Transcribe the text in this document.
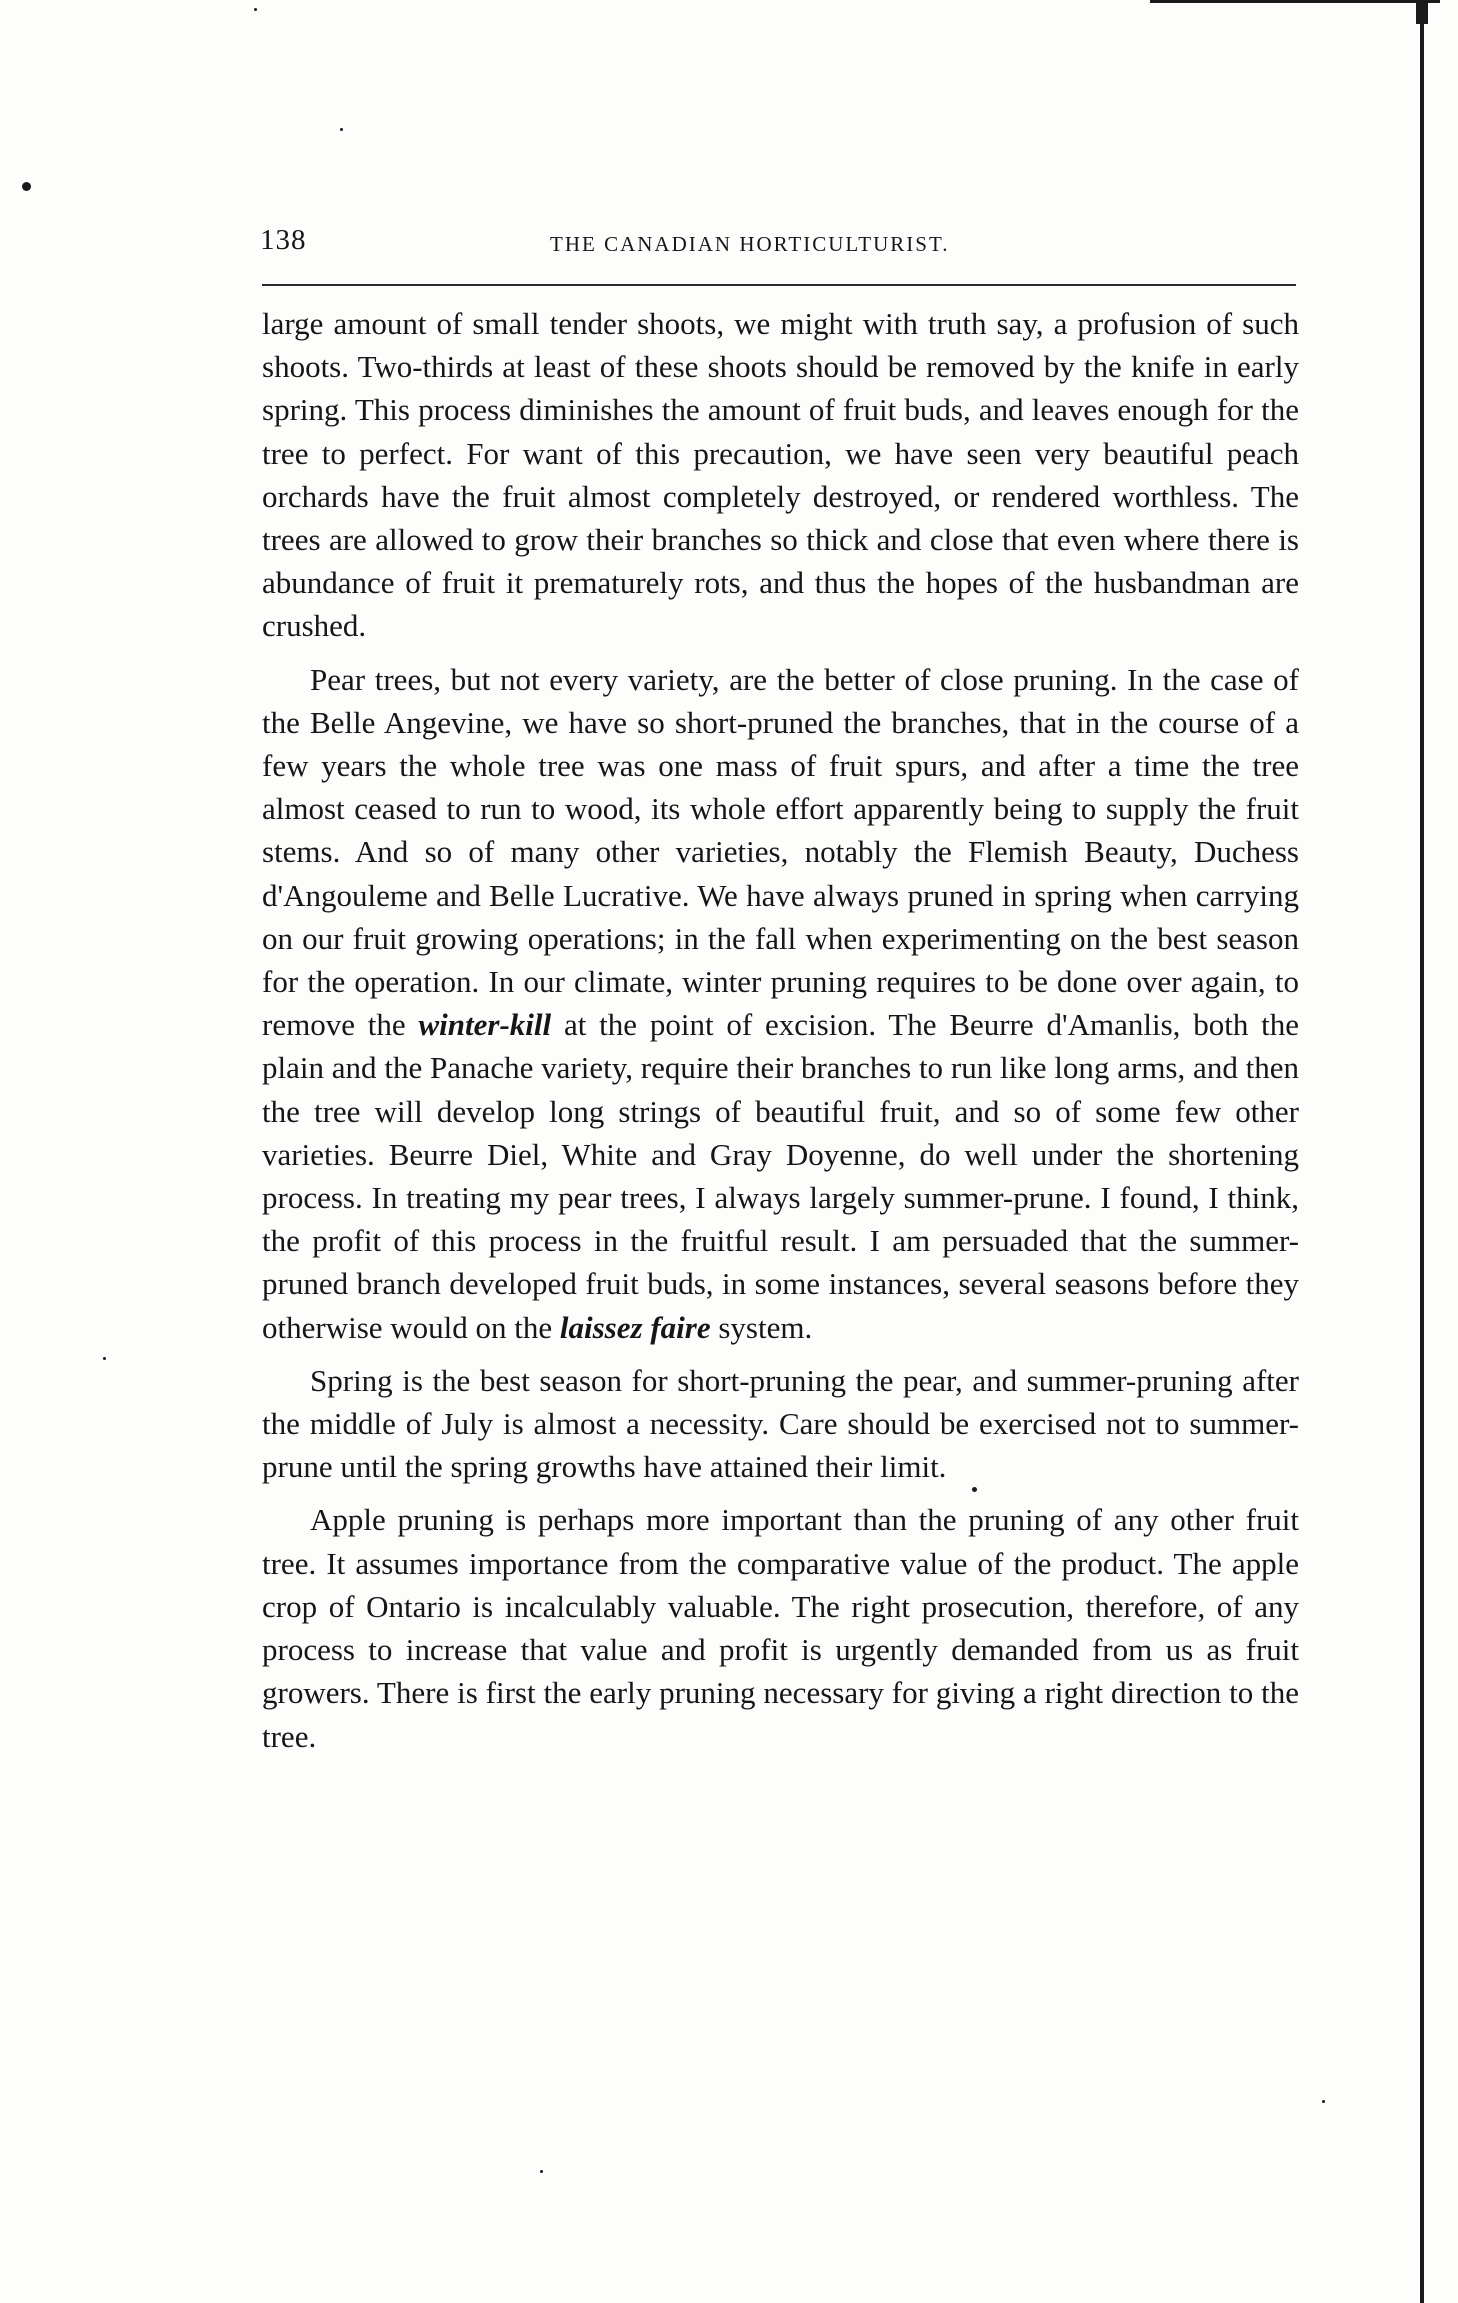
138	THE CANADIAN HORTICULTURIST.

large amount of small tender shoots, we might with truth say, a profusion of such shoots. Two-thirds at least of these shoots should be removed by the knife in early spring. This process diminishes the amount of fruit buds, and leaves enough for the tree to perfect. For want of this precaution, we have seen very beautiful peach orchards have the fruit almost completely destroyed, or rendered worthless. The trees are allowed to grow their branches so thick and close that even where there is abundance of fruit it prematurely rots, and thus the hopes of the husbandman are crushed.

Pear trees, but not every variety, are the better of close pruning. In the case of the Belle Angevine, we have so short-pruned the branches, that in the course of a few years the whole tree was one mass of fruit spurs, and after a time the tree almost ceased to run to wood, its whole effort apparently being to supply the fruit stems. And so of many other varieties, notably the Flemish Beauty, Duchess d'Angouleme and Belle Lucrative. We have always pruned in spring when carrying on our fruit growing operations; in the fall when experimenting on the best season for the operation. In our climate, winter pruning requires to be done over again, to remove the winter-kill at the point of excision. The Beurre d'Amanlis, both the plain and the Panache variety, require their branches to run like long arms, and then the tree will develop long strings of beautiful fruit, and so of some few other varieties. Beurre Diel, White and Gray Doyenne, do well under the shortening process. In treating my pear trees, I always largely summer-prune. I found, I think, the profit of this process in the fruitful result. I am persuaded that the summer-pruned branch developed fruit buds, in some instances, several seasons before they otherwise would on the laissez faire system.

Spring is the best season for short-pruning the pear, and summer-pruning after the middle of July is almost a necessity. Care should be exercised not to summer-prune until the spring growths have attained their limit.

Apple pruning is perhaps more important than the pruning of any other fruit tree. It assumes importance from the comparative value of the product. The apple crop of Ontario is incalculably valuable. The right prosecution, therefore, of any process to increase that value and profit is urgently demanded from us as fruit growers. There is first the early pruning necessary for giving a right direction to the tree.
